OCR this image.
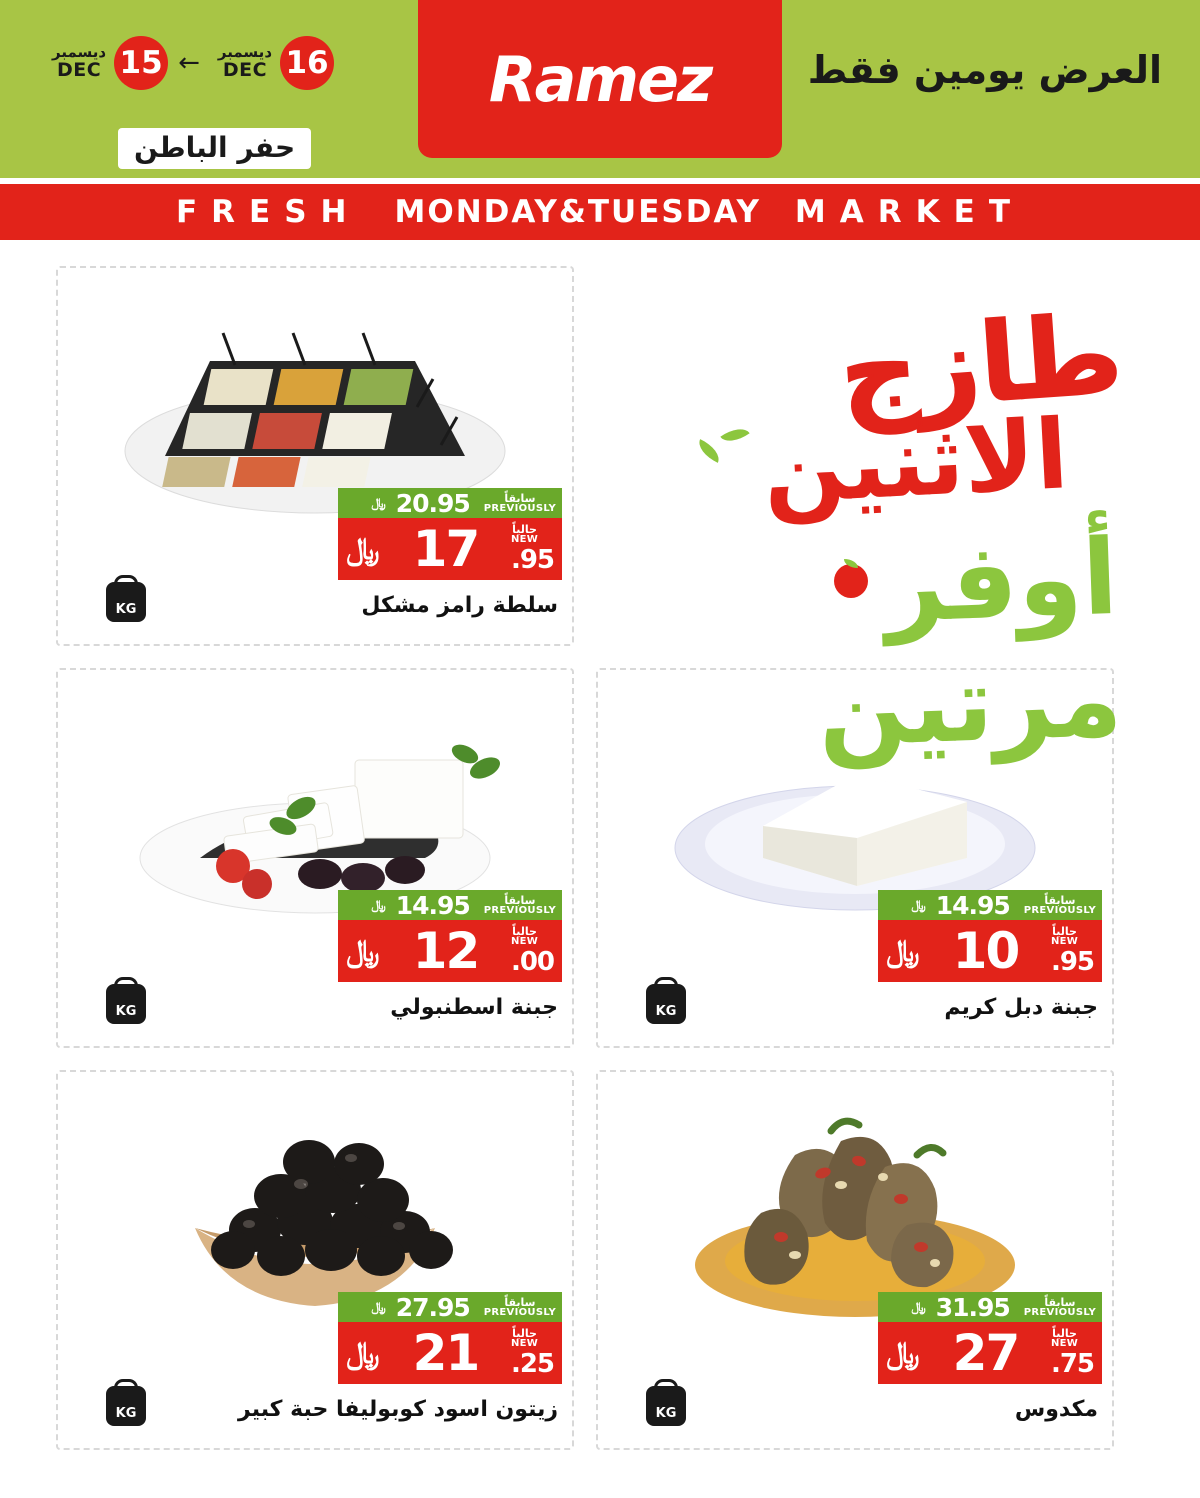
16
ديسمبر
DEC
←
15
ديسمبر
DEC
حفر الباطن
Ramez	العرض يومين فقط
FRESH MONDAY&TUESDAY MARKET
KG
﷼ 20.95	سابقاً
PREVIOUSLY
﷼ 17	حالياً
NEW
.95
سلطة رامز مشكل
KG
﷼ 14.95	سابقاً
PREVIOUSLY
﷼ 12	حالياً
NEW
.00
جبنة اسطنبولي	KG
﷼ 14.95	سابقاً
PREVIOUSLY
﷼ 10	حالياً
NEW
.95
جبنة دبل كريم
KG
﷼ 27.95	سابقاً
PREVIOUSLY
﷼ 21	حالياً
NEW
.25
زيتون اسود كوبوليفا حبة كبير	KG
﷼ 31.95	سابقاً
PREVIOUSLY
﷼ 27	حالياً
NEW
.75
مكدوس
طازج
الاثنين
أوفر مرتين
